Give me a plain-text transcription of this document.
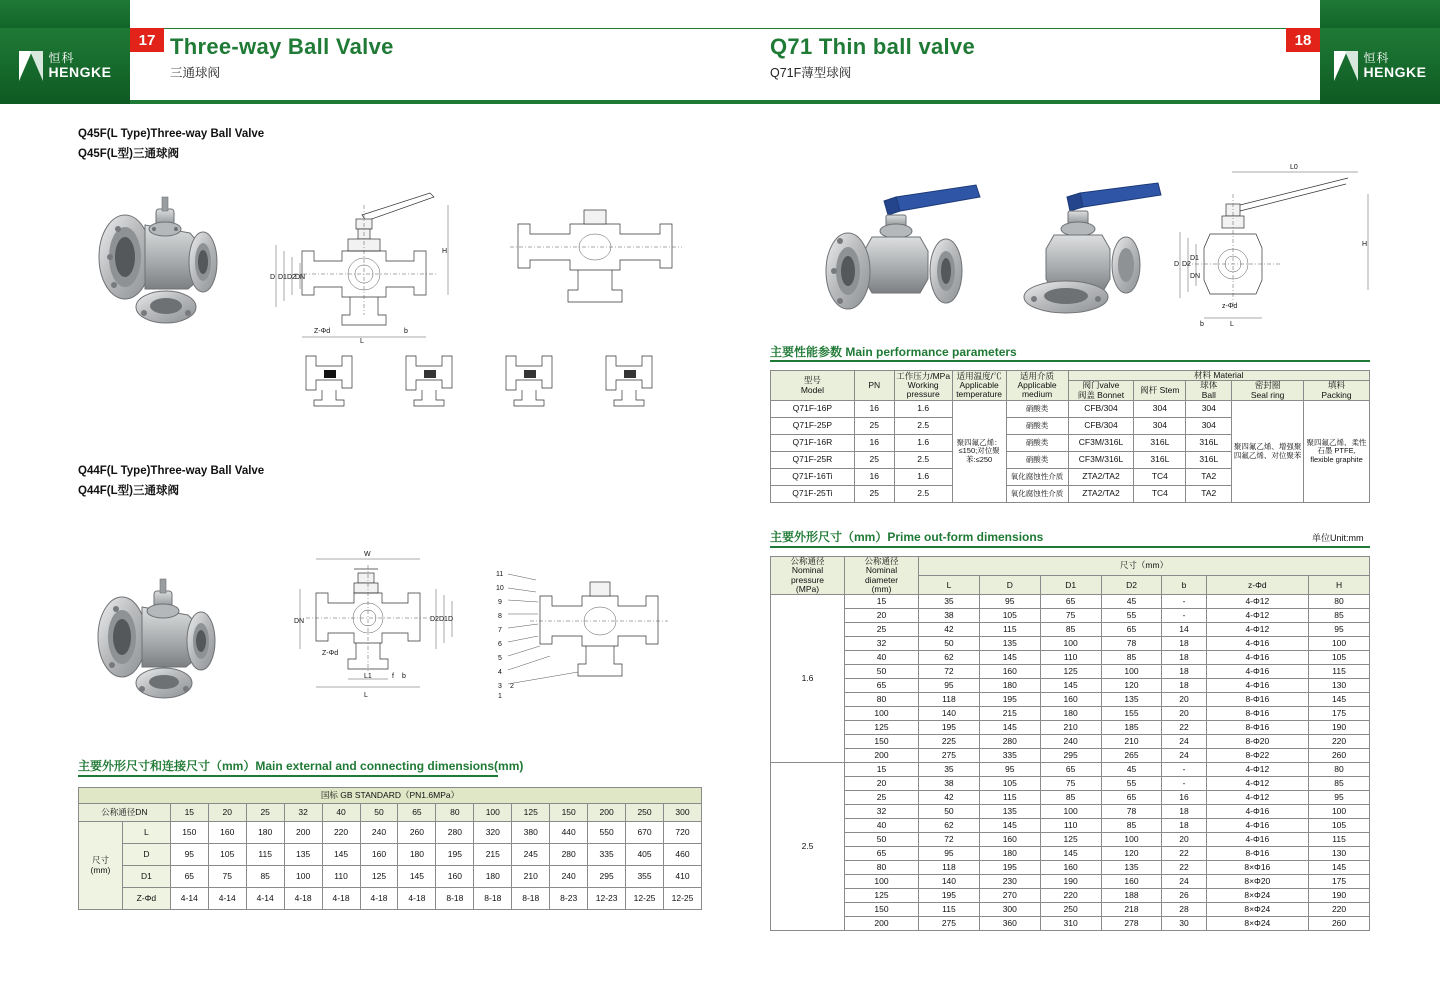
恒科
HENGKE
恒科
HENGKE
17	18
Three-way Ball Valve
三通球阀
Q71 Thin ball valve
Q71F薄型球阀
Q45F(L Type)Three-way Ball Valve
Q45F(L型)三通球阀
D D1 D2 DN
H
L
Z-Φd	b
Q44F(L Type)Three-way Ball Valve
Q44F(L型)三通球阀
W
DN	D2 D1 D
L
L1
Z-Φd
f b
11
10
9
8
7
6
5
4
3 2
1
主要外形尺寸和连接尺寸（mm）Main external and connecting dimensions(mm)
国标 GB STANDARD（PN1.6MPa）															
公称通径DN		15	20	25	32	40	50	65	80	100	125	150	200	250	300
尺寸
(mm)	L	150	160	180	200	220	240	260	280	320	380	440	550	670	720
	D	95	105	115	135	145	160	180	195	215	245	280	335	405	460
	D1	65	75	85	100	110	125	145	160	180	210	240	295	355	410
	Z-Φd	4-14	4-14	4-14	4-18	4-18	4-18	4-18	8-18	8-18	8-18	8-23	12-23	12-25	12-25
L0
H
D D2
D1
DN
z-Φd
L
b
主要性能参数 Main performance parameters
型号
Model	PN	工作压力/MPa
Working
pressure	适用温度/℃
Applicable
temperature	适用介质
Applicable
medium	材料 Material				
					阀门valve
阀盖 Bonnet	阀杆 Stem	球体
Ball	密封圈
Seal ring	填料
Packing
Q71F-16P	16	1.6	聚四氟乙烯：≤150;对位聚苯:≤250	硝酸类	CFB/304	304	304	聚四氟乙烯、增强聚四氟乙烯、对位聚苯	聚四氟乙烯、柔性石墨 PTFE, flexible graphite
Q71F-25P	25	2.5		硝酸类	CFB/304	304	304		
Q71F-16R	16	1.6		硝酸类	CF3M/316L	316L	316L		
Q71F-25R	25	2.5		硝酸类	CF3M/316L	316L	316L		
Q71F-16Ti	16	1.6		氧化腐蚀性介质	ZTA2/TA2	TC4	TA2		
Q71F-25Ti	25	2.5		氧化腐蚀性介质	ZTA2/TA2	TC4	TA2		
主要外形尺寸（mm）Prime out-form dimensions	单位Unit:mm
公称通径
Nominal
pressure
(MPa)	公称通径
Nominal
diameter
(mm)	尺寸（mm）						
		L	D	D1	D2	b	z-Φd	H
1.6	15	35	95	65	45	-	4-Φ12	80
	20	38	105	75	55	-	4-Φ12	85
	25	42	115	85	65	14	4-Φ12	95
	32	50	135	100	78	18	4-Φ16	100
	40	62	145	110	85	18	4-Φ16	105
	50	72	160	125	100	18	4-Φ16	115
	65	95	180	145	120	18	4-Φ16	130
	80	118	195	160	135	20	8-Φ16	145
	100	140	215	180	155	20	8-Φ16	175
	125	195	145	210	185	22	8-Φ16	190
	150	225	280	240	210	24	8-Φ20	220
	200	275	335	295	265	24	8-Φ22	260
2.5	15	35	95	65	45	-	4-Φ12	80
	20	38	105	75	55	-	4-Φ12	85
	25	42	115	85	65	16	4-Φ12	95
	32	50	135	100	78	18	4-Φ16	100
	40	62	145	110	85	18	4-Φ16	105
	50	72	160	125	100	20	4-Φ16	115
	65	95	180	145	120	22	8-Φ16	130
	80	118	195	160	135	22	8×Φ16	145
	100	140	230	190	160	24	8×Φ20	175
	125	195	270	220	188	26	8×Φ24	190
	150	115	300	250	218	28	8×Φ24	220
	200	275	360	310	278	30	8×Φ24	260
